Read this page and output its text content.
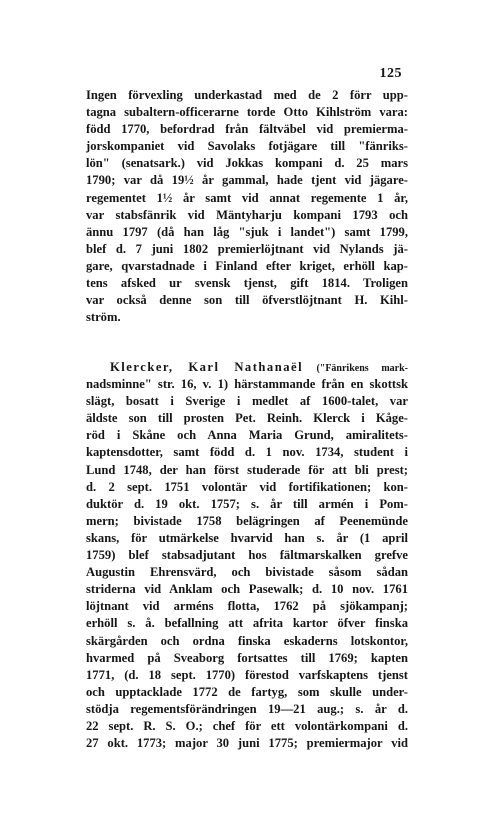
125
Ingen förvexling underkastad med de 2 förr upp-
tagna subaltern-officerarne torde Otto Kihlström vara:
född 1770, befordrad från fältväbel vid premierma-
jorskompaniet vid Savolaks fotjägare till "fänriks-
lön" (senatsark.) vid Jokkas kompani d. 25 mars
1790; var då 19½ år gammal, hade tjent vid jägare-
regementet 1½ år samt vid annat regemente 1 år,
var stabsfänrik vid Mäntyharju kompani 1793 och
ännu 1797 (då han låg "sjuk i landet") samt 1799,
blef d. 7 juni 1802 premierlöjtnant vid Nylands jä-
gare, qvarstadnade i Finland efter kriget, erhöll kap-
tens afsked ur svensk tjenst, gift 1814. Troligen
var också denne son till öfverstlöjtnant H. Kihl-
ström.
Klercker, Karl Nathanaël ("Fänrikens mark-
nadsminne" str. 16, v. 1) härstammande från en skottsk
slägt, bosatt i Sverige i medlet af 1600-talet, var
äldste son till prosten Pet. Reinh. Klerck i Kåge-
röd i Skåne och Anna Maria Grund, amiralitets-
kaptensdotter, samt född d. 1 nov. 1734, student i
Lund 1748, der han först studerade för att bli prest;
d. 2 sept. 1751 volontär vid fortifikationen; kon-
duktör d. 19 okt. 1757; s. år till armén i Pom-
mern; bivistade 1758 belägringen af Peenemünde
skans, för utmärkelse hvarvid han s. år (1 april
1759) blef stabsadjutant hos fältmarskalken grefve
Augustin Ehrensvärd, och bivistade såsom sådan
striderna vid Anklam och Pasewalk; d. 10 nov. 1761
löjtnant vid arméns flotta, 1762 på sjökampanj;
erhöll s. å. befallning att afrita kartor öfver finska
skärgården och ordna finska eskaderns lotskontor,
hvarmed på Sveaborg fortsattes till 1769; kapten
1771, (d. 18 sept. 1770) förestod varfskaptens tjenst
och upptacklade 1772 de fartyg, som skulle under-
stödja regementsförändringen 19—21 aug.; s. år d.
22 sept. R. S. O.; chef för ett volontärkompani d.
27 okt. 1773; major 30 juni 1775; premiermajor vid
